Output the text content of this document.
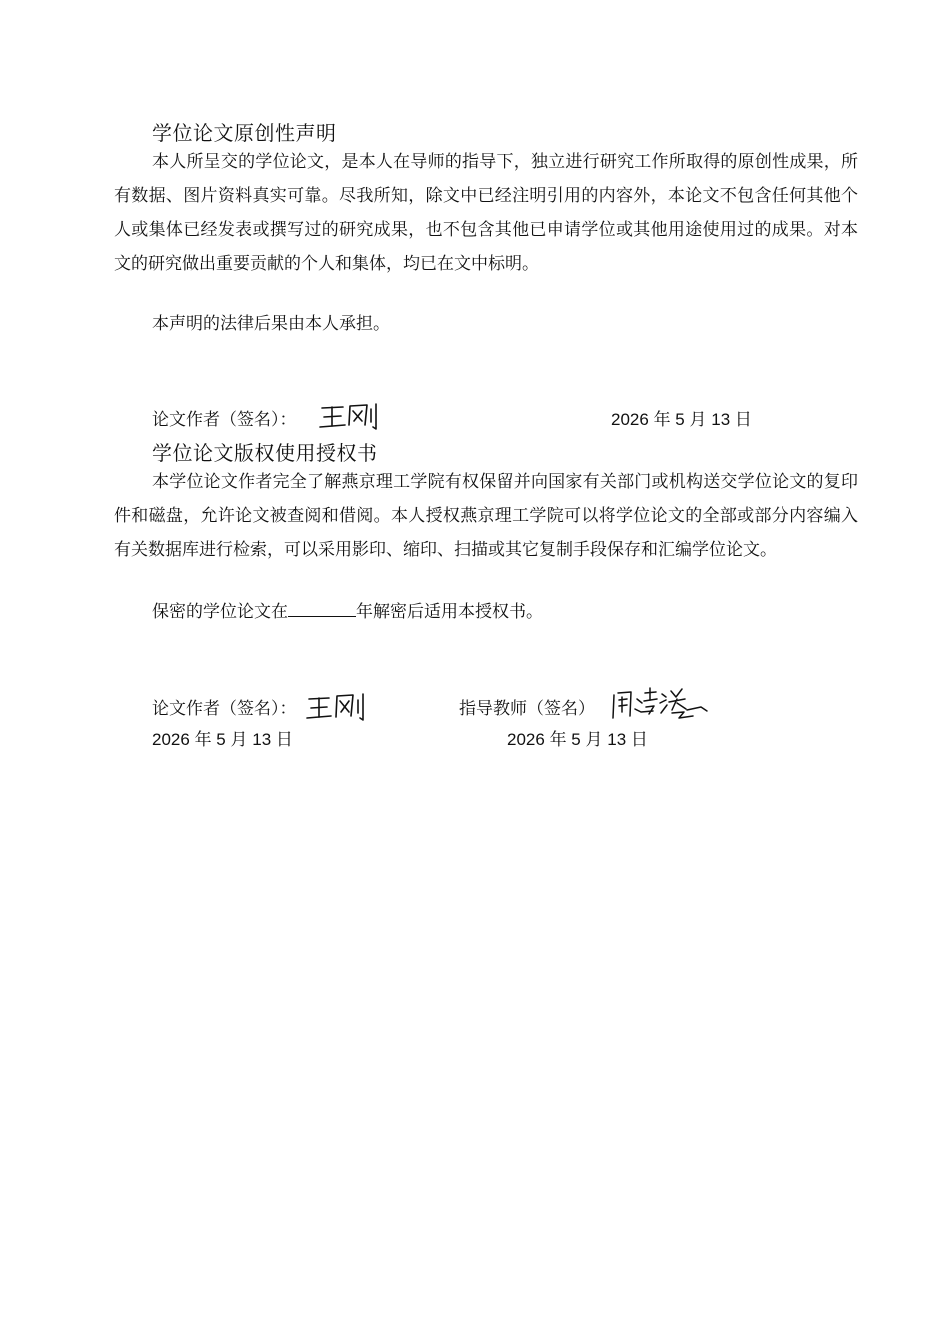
学位论文原创性声明

本人所呈交的学位论文，是本人在导师的指导下，独立进行研究工作所取得的原创性成果，所有数据、图片资料真实可靠。尽我所知，除文中已经注明引用的内容外，本论文不包含任何其他个人或集体已经发表或撰写过的研究成果，也不包含其他已申请学位或其他用途使用过的成果。对本文的研究做出重要贡献的个人和集体，均已在文中标明。

本声明的法律后果由本人承担。

论文作者（签名）：	2026 年 5 月 13 日
学位论文版权使用授权书

本学位论文作者完全了解燕京理工学院有权保留并向国家有关部门或机构送交学位论文的复印件和磁盘，允许论文被查阅和借阅。本人授权燕京理工学院可以将学位论文的全部或部分内容编入有关数据库进行检索，可以采用影印、缩印、扫描或其它复制手段保存和汇编学位论文。

保密的学位论文在	年解密后适用本授权书。
论文作者（签名）：	指导教师（签名）
2026 年 5 月 13 日	2026 年 5 月 13 日
